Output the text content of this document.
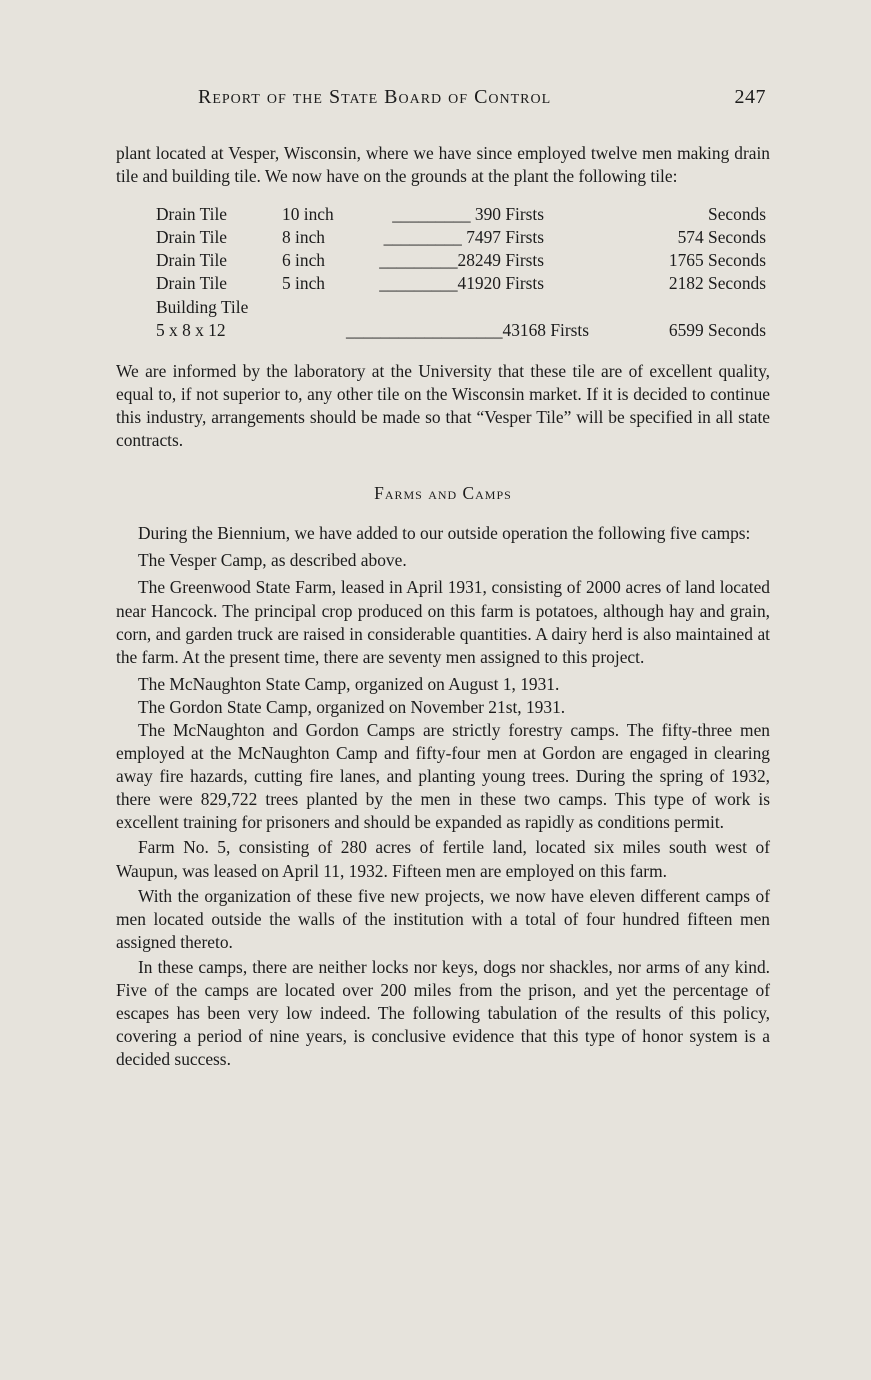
Report of the State Board of Control	247

plant located at Vesper, Wisconsin, where we have since employed twelve men making drain tile and building tile. We now have on the grounds at the plant the following tile:

Drain Tile	10 inch	_________ 390 Firsts	Seconds
Drain Tile	8 inch	_________ 7497 Firsts	574 Seconds
Drain Tile	6 inch	_________28249 Firsts	1765 Seconds
Drain Tile	5 inch	_________41920 Firsts	2182 Seconds
Building Tile
5 x 8 x 12	__________________43168 Firsts	6599 Seconds

We are informed by the laboratory at the University that these tile are of excellent quality, equal to, if not superior to, any other tile on the Wisconsin market. If it is decided to continue this industry, arrangements should be made so that “Vesper Tile” will be specified in all state contracts.

Farms and Camps

During the Biennium, we have added to our outside operation the following five camps:

The Vesper Camp, as described above.

The Greenwood State Farm, leased in April 1931, consisting of 2000 acres of land located near Hancock. The principal crop produced on this farm is potatoes, although hay and grain, corn, and garden truck are raised in considerable quantities. A dairy herd is also maintained at the farm. At the present time, there are seventy men assigned to this project.

The McNaughton State Camp, organized on August 1, 1931.

The Gordon State Camp, organized on November 21st, 1931.

The McNaughton and Gordon Camps are strictly forestry camps. The fifty-three men employed at the McNaughton Camp and fifty-four men at Gordon are engaged in clearing away fire hazards, cutting fire lanes, and planting young trees. During the spring of 1932, there were 829,722 trees planted by the men in these two camps. This type of work is excellent training for prisoners and should be expanded as rapidly as conditions permit.

Farm No. 5, consisting of 280 acres of fertile land, located six miles south west of Waupun, was leased on April 11, 1932. Fifteen men are employed on this farm.

With the organization of these five new projects, we now have eleven different camps of men located outside the walls of the institution with a total of four hundred fifteen men assigned thereto.

In these camps, there are neither locks nor keys, dogs nor shackles, nor arms of any kind. Five of the camps are located over 200 miles from the prison, and yet the percentage of escapes has been very low indeed. The following tabulation of the results of this policy, covering a period of nine years, is conclusive evidence that this type of honor system is a decided success.
